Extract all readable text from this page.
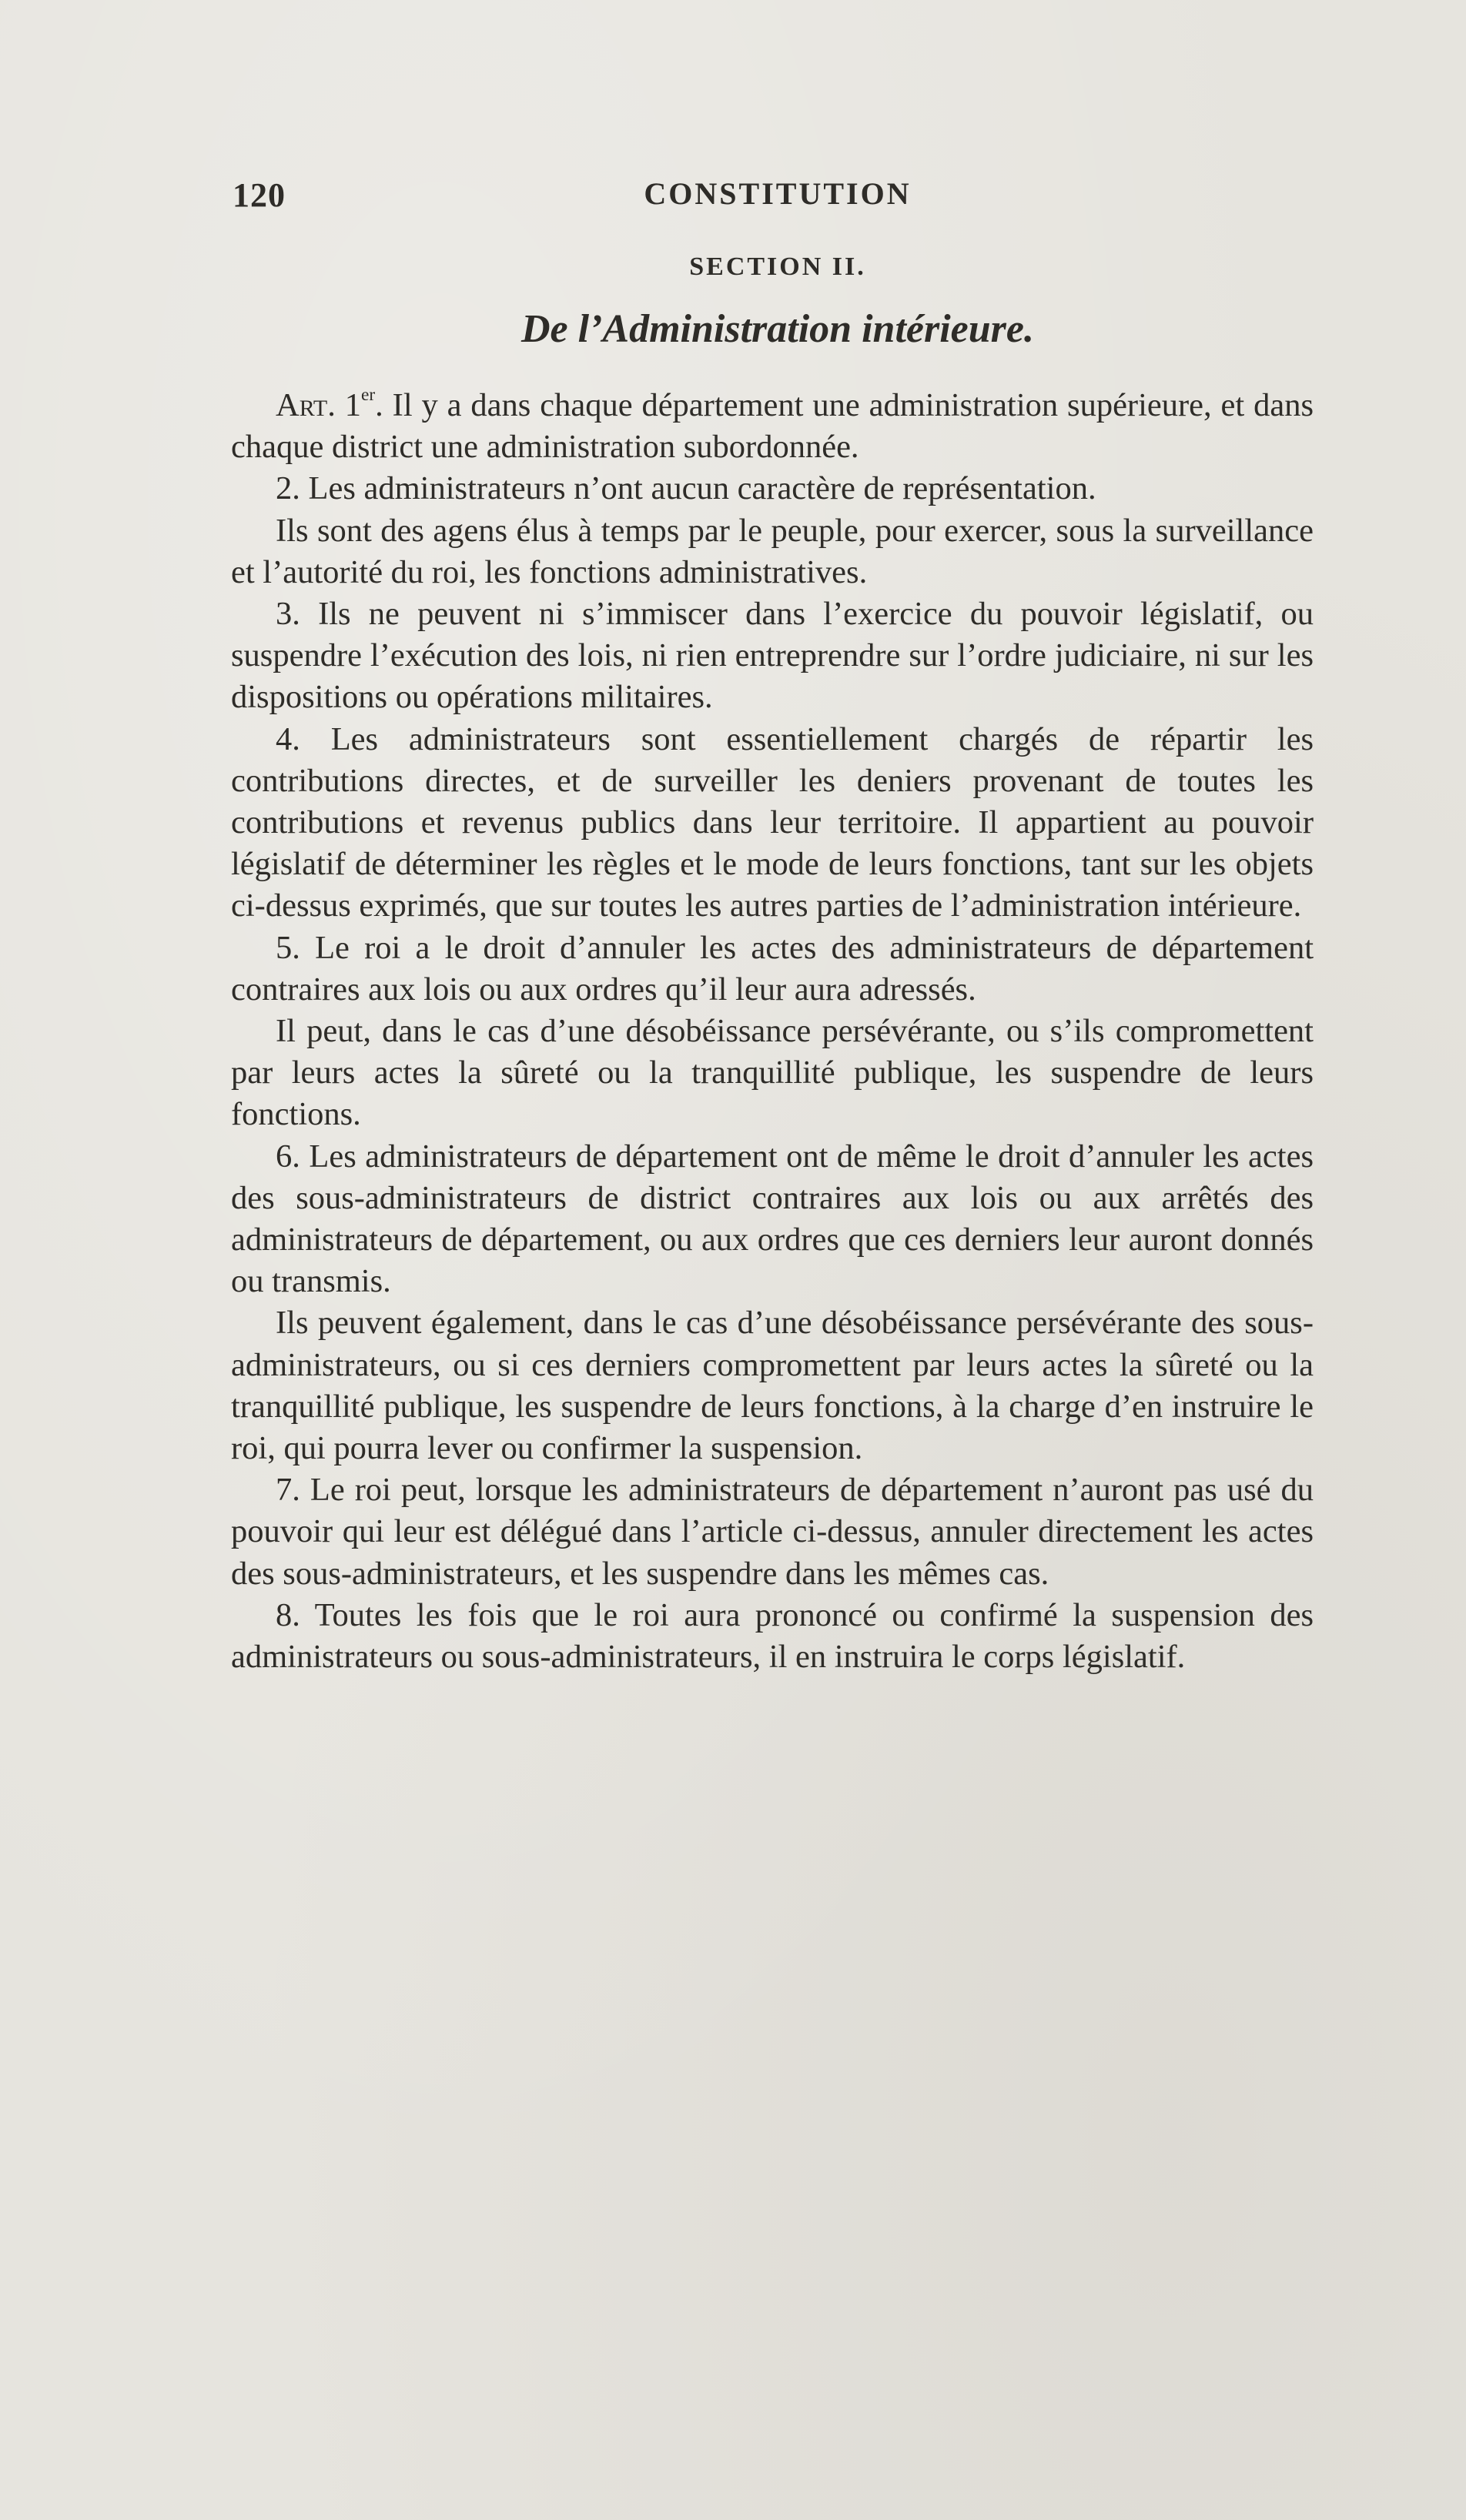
120	CONSTITUTION
SECTION II.
De l’Administration intérieure.

Art. 1er. Il y a dans chaque département une administration supérieure, et dans chaque district une administration subordonnée.

2. Les administrateurs n’ont aucun caractère de représentation.

Ils sont des agens élus à temps par le peuple, pour exercer, sous la surveillance et l’autorité du roi, les fonctions administratives.

3. Ils ne peuvent ni s’immiscer dans l’exercice du pouvoir législatif, ou suspendre l’exécution des lois, ni rien entreprendre sur l’ordre judiciaire, ni sur les dispositions ou opérations militaires.

4. Les administrateurs sont essentiellement chargés de répartir les contributions directes, et de surveiller les deniers provenant de toutes les contributions et revenus publics dans leur territoire. Il appartient au pouvoir législatif de déterminer les règles et le mode de leurs fonctions, tant sur les objets ci-dessus exprimés, que sur toutes les autres parties de l’administration intérieure.

5. Le roi a le droit d’annuler les actes des administrateurs de département contraires aux lois ou aux ordres qu’il leur aura adressés.

Il peut, dans le cas d’une désobéissance persévérante, ou s’ils compromettent par leurs actes la sûreté ou la tranquillité publique, les suspendre de leurs fonctions.

6. Les administrateurs de département ont de même le droit d’annuler les actes des sous-administrateurs de district contraires aux lois ou aux arrêtés des administrateurs de département, ou aux ordres que ces derniers leur auront donnés ou transmis.

Ils peuvent également, dans le cas d’une désobéissance persévérante des sous-administrateurs, ou si ces derniers compromettent par leurs actes la sûreté ou la tranquillité publique, les suspendre de leurs fonctions, à la charge d’en instruire le roi, qui pourra lever ou confirmer la suspension.

7. Le roi peut, lorsque les administrateurs de département n’auront pas usé du pouvoir qui leur est délégué dans l’article ci-dessus, annuler directement les actes des sous-administrateurs, et les suspendre dans les mêmes cas.

8. Toutes les fois que le roi aura prononcé ou confirmé la suspension des administrateurs ou sous-administrateurs, il en instruira le corps législatif.
